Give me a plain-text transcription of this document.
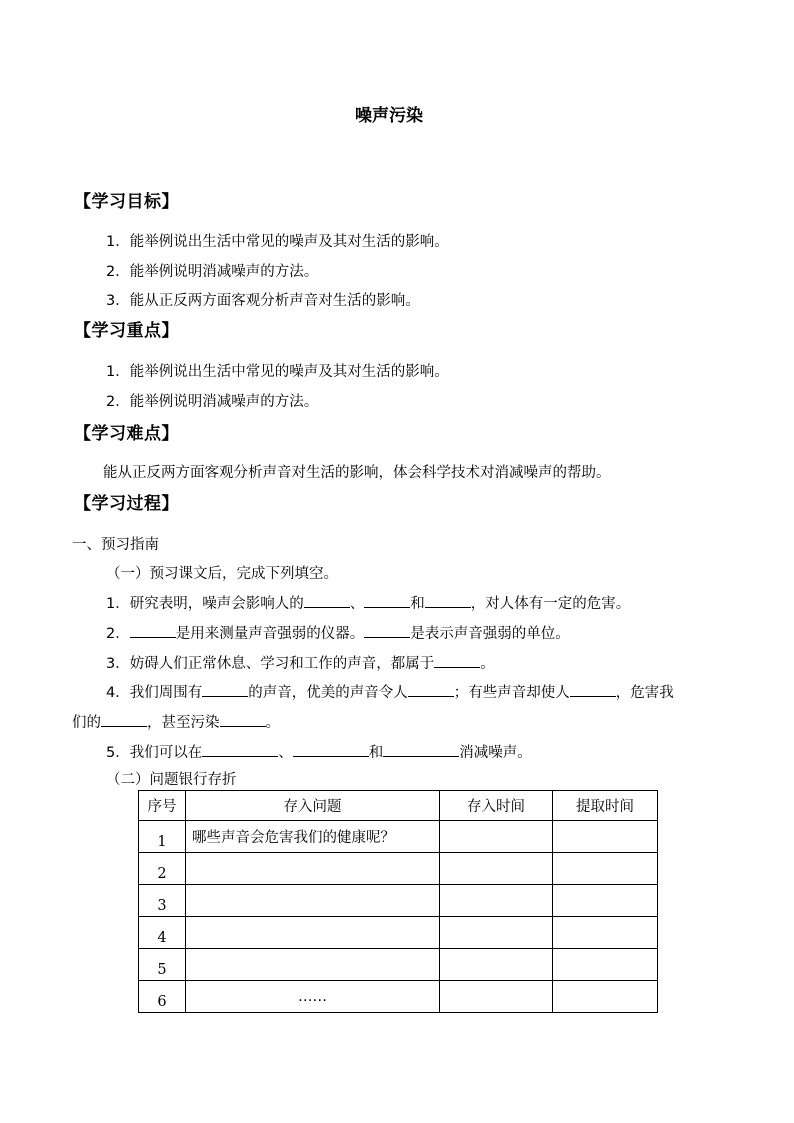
噪声污染
【学习目标】
1．能举例说出生活中常见的噪声及其对生活的影响。
2．能举例说明消减噪声的方法。
3．能从正反两方面客观分析声音对生活的影响。
【学习重点】
1．能举例说出生活中常见的噪声及其对生活的影响。
2．能举例说明消减噪声的方法。
【学习难点】
能从正反两方面客观分析声音对生活的影响，体会科学技术对消减噪声的帮助。
【学习过程】
一、预习指南
（一）预习课文后，完成下列填空。
1．研究表明，噪声会影响人的	、	和	，对人体有一定的危害。
2．	是用来测量声音强弱的仪器。	是表示声音强弱的单位。
3．妨碍人们正常休息、学习和工作的声音，都属于	。
4．我们周围有	的声音，优美的声音令人	；有些声音却使人	，危害我
们的	，甚至污染	。
5．我们可以在	、	和	消减噪声。
（二）问题银行存折
序号	存入问题	存入时间	提取时间
1	哪些声音会危害我们的健康呢？		
2			
3			
4			
5			
6	……		
